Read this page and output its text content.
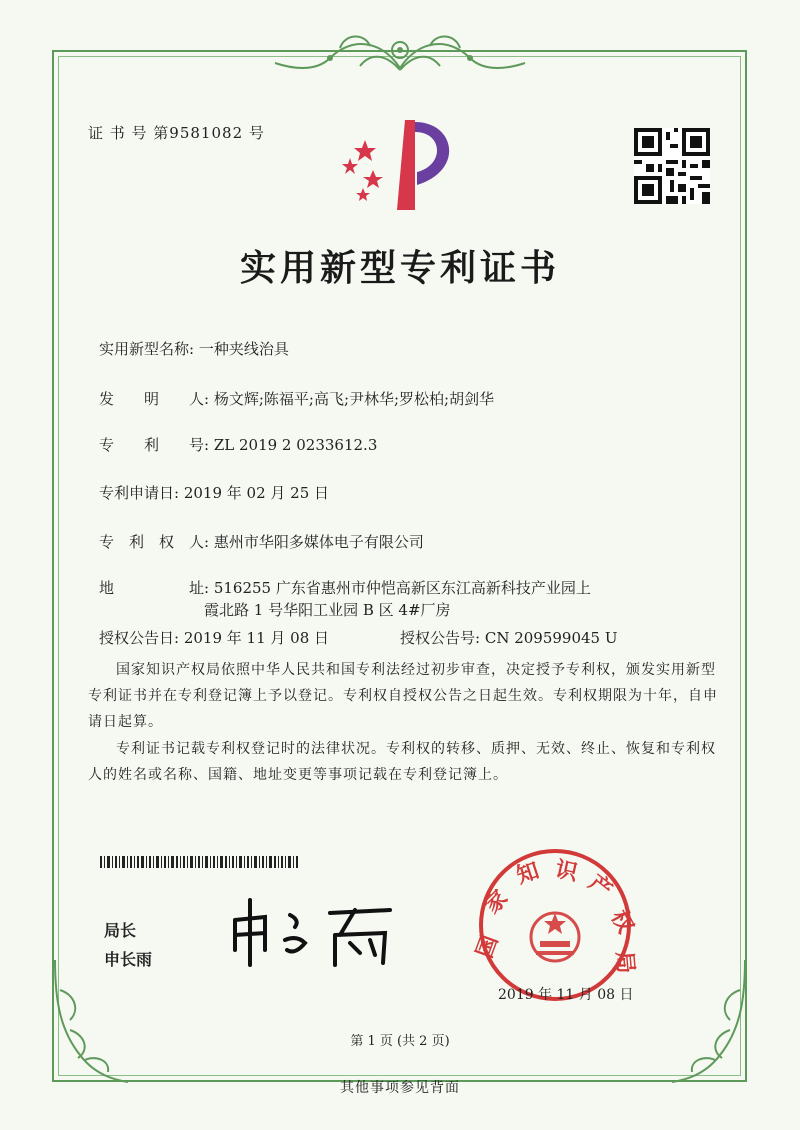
证 书 号 第9581082 号
实用新型专利证书
实用新型名称: 一种夹线治具
发　　明　　人: 杨文辉;陈福平;高飞;尹林华;罗松柏;胡剑华
专　　利　　号: ZL 2019 2 0233612.3
专利申请日: 2019 年 02 月 25 日
专　利　权　人: 惠州市华阳多媒体电子有限公司
地　　　　　址: 516255 广东省惠州市仲恺高新区东江高新科技产业园上
霞北路 1 号华阳工业园 B 区 4#厂房
授权公告日: 2019 年 11 月 08 日	授权公告号: CN 209599045 U
国家知识产权局依照中华人民共和国专利法经过初步审查，决定授予专利权，颁发实用新型专利证书并在专利登记簿上予以登记。专利权自授权公告之日起生效。专利权期限为十年，自申请日起算。
专利证书记载专利权登记时的法律状况。专利权的转移、质押、无效、终止、恢复和专利权人的姓名或名称、国籍、地址变更等事项记载在专利登记簿上。
局长
申长雨	国
家
知 识 产
权
局
2019 年 11 月 08 日
第 1 页 (共 2 页)
其他事项参见背面
